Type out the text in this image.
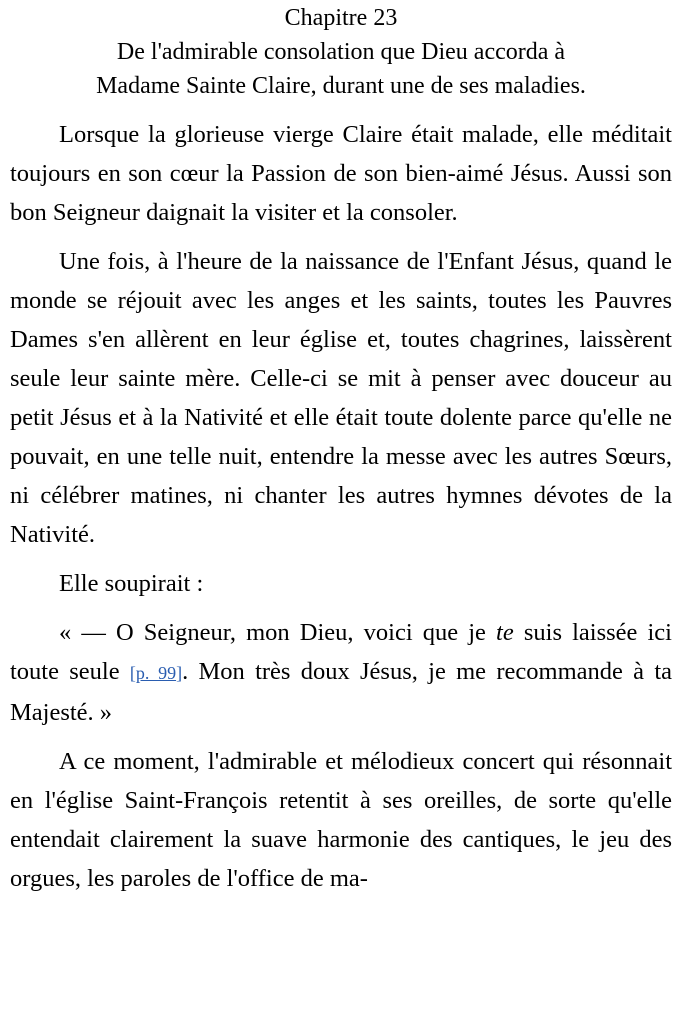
Chapitre 23
De l'admirable consolation que Dieu accorda à
Madame Sainte Claire, durant une de ses maladies.

Lorsque la glorieuse vierge Claire était malade, elle méditait toujours en son cœur la Passion de son bien-aimé Jésus. Aussi son bon Seigneur daignait la visiter et la consoler.

Une fois, à l'heure de la naissance de l'Enfant Jésus, quand le monde se réjouit avec les anges et les saints, toutes les Pauvres Dames s'en allèrent en leur église et, toutes chagrines, laissèrent seule leur sainte mère. Celle-ci se mit à penser avec douceur au petit Jésus et à la Nativité et elle était toute dolente parce qu'elle ne pouvait, en une telle nuit, entendre la messe avec les autres Sœurs, ni célébrer matines, ni chanter les autres hymnes dévotes de la Nativité.

Elle soupirait :

« — O Seigneur, mon Dieu, voici que je te suis laissée ici toute seule [p. 99]. Mon très doux Jésus, je me recommande à ta Majesté. »

A ce moment, l'admirable et mélodieux concert qui résonnait en l'église Saint-François retentit à ses oreilles, de sorte qu'elle entendait clairement la suave harmonie des cantiques, le jeu des orgues, les paroles de l'office de ma-
